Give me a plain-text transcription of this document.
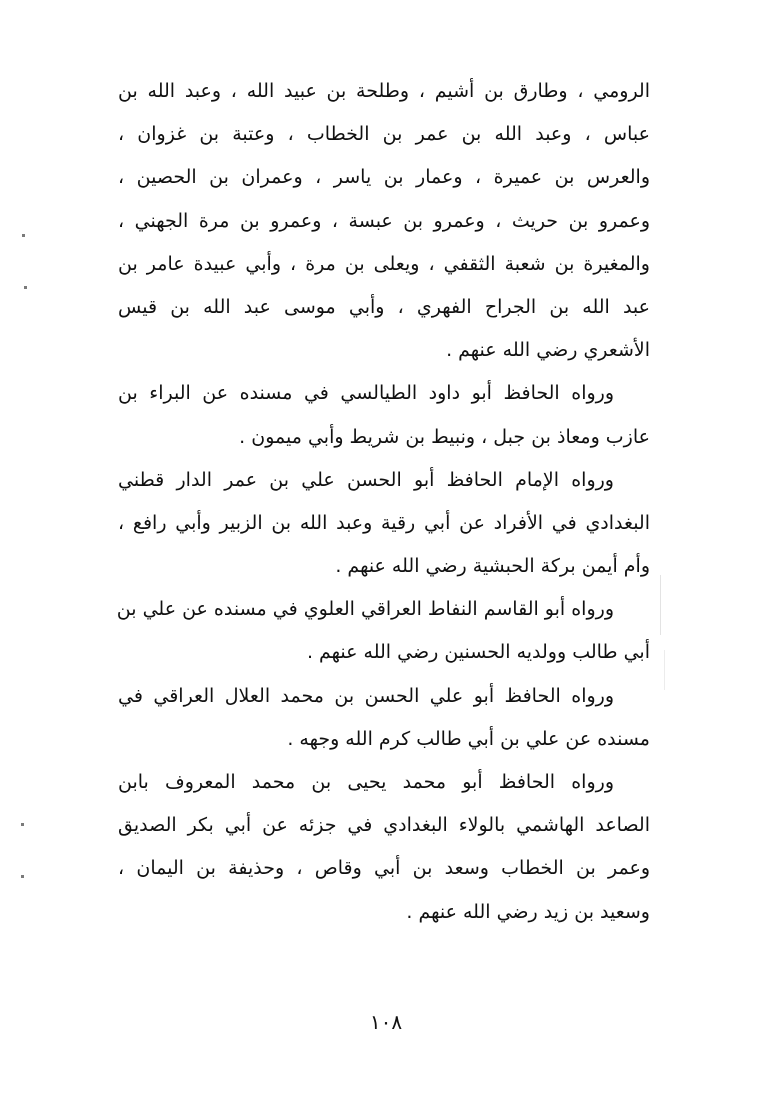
الرومي ، وطارق بن أشيم ، وطلحة بن عبيد الله ، وعبد الله بن
عباس ، وعبد الله بن عمر بن الخطاب ، وعتبة بن غزوان ،
والعرس بن عميرة ، وعمار بن ياسر ، وعمران بن الحصين ،
وعمرو بن حريث ، وعمرو بن عبسة ، وعمرو بن مرة الجهني ،
والمغيرة بن شعبة الثقفي ، ويعلى بن مرة ، وأبي عبيدة عامر بن
عبد الله بن الجراح الفهري ، وأبي موسى عبد الله بن قيس
الأشعري رضي الله عنهم .
ورواه الحافظ أبو داود الطيالسي في مسنده عن البراء بن
عازب ومعاذ بن جبل ، ونبيط بن شريط وأبي ميمون .
ورواه الإمام الحافظ أبو الحسن علي بن عمر الدار قطني
البغدادي في الأفراد عن أبي رقية وعبد الله بن الزبير وأبي رافع ،
وأم أيمن بركة الحبشية رضي الله عنهم .
ورواه أبو القاسم النفاط العراقي العلوي في مسنده عن علي بن
أبي طالب وولديه الحسنين رضي الله عنهم .
ورواه الحافظ أبو علي الحسن بن محمد العلال العراقي في
مسنده عن علي بن أبي طالب كرم الله وجهه .
ورواه الحافظ أبو محمد يحيى بن محمد المعروف بابن
الصاعد الهاشمي بالولاء البغدادي في جزئه عن أبي بكر الصديق
وعمر بن الخطاب وسعد بن أبي وقاص ، وحذيفة بن اليمان ،
وسعيد بن زيد رضي الله عنهم .
١٠٨
